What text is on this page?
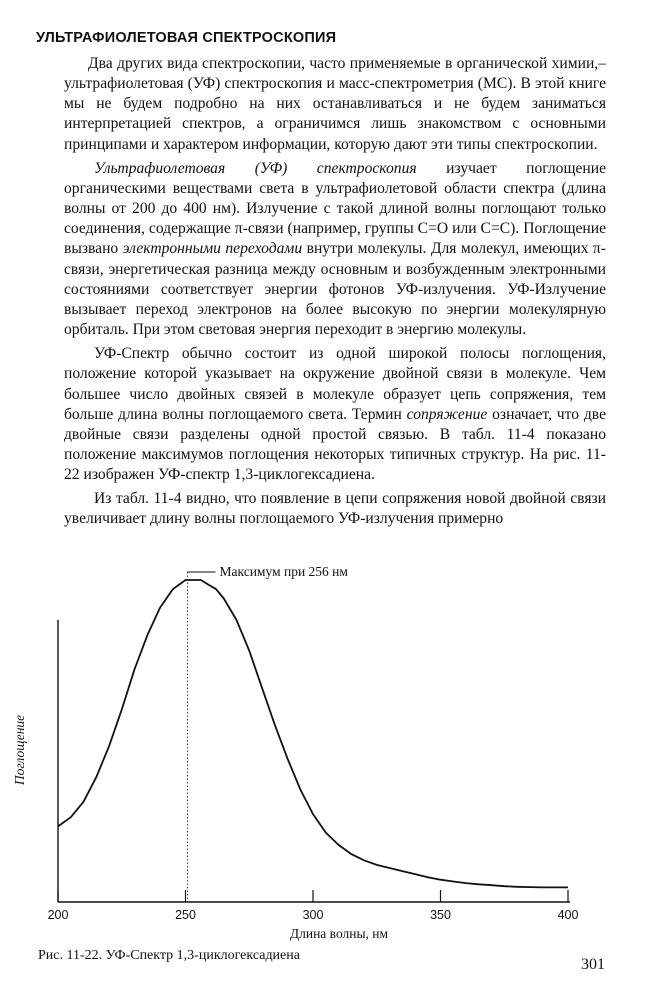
УЛЬТРАФИОЛЕТОВАЯ СПЕКТРОСКОПИЯ

Два других вида спектроскопии, часто применяемые в органической химии,– ультрафиолетовая (УФ) спектроскопия и масс-спектрометрия (МС). В этой книге мы не будем подробно на них останавливаться и не будем заниматься интерпретацией спектров, а ограничимся лишь знакомством с основными принципами и характером информации, которую дают эти типы спектроскопии.

Ультрафиолетовая (УФ) спектроскопия изучает поглощение органическими веществами света в ультрафиолетовой области спектра (длина волны от 200 до 400 нм). Излучение с такой длиной волны поглощают только соединения, содержащие π-связи (например, группы C=O или C=C). Поглощение вызвано электронными переходами внутри молекулы. Для молекул, имеющих π-связи, энергетическая разница между основным и возбужденным электронными состояниями соответствует энергии фотонов УФ-излучения. УФ-Излучение вызывает переход электронов на более высокую по энергии молекулярную орбиталь. При этом световая энергия переходит в энергию молекулы.

УФ-Спектр обычно состоит из одной широкой полосы поглощения, положение которой указывает на окружение двойной связи в молекуле. Чем большее число двойных связей в молекуле образует цепь сопряжения, тем больше длина волны поглощаемого света. Термин сопряжение означает, что две двойные связи разделены одной простой связью. В табл. 11-4 показано положение максимумов поглощения некоторых типичных структур. На рис. 11-22 изображен УФ-спектр 1,3-циклогексадиена.

Из табл. 11-4 видно, что появление в цепи сопряжения новой двойной связи увеличивает длину волны поглощаемого УФ-излучения примерно

200	250	300	350	400
Максимум при 256 нм
Длина волны, нм
Поглощение
Рис. 11-22. УФ-Спектр 1,3-циклогексадиена
301
